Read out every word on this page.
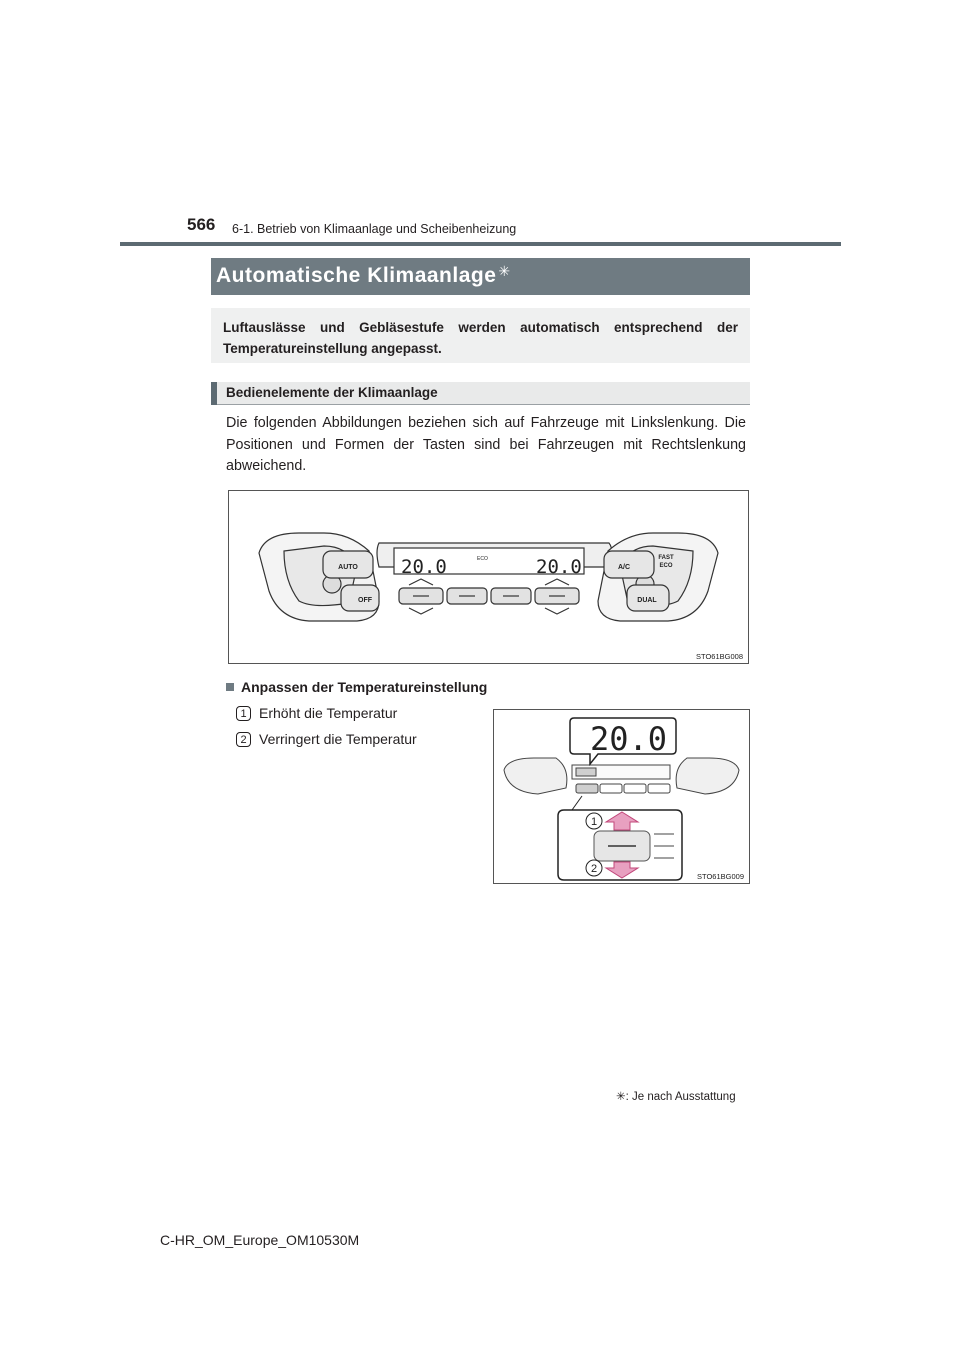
566 6-1. Betrieb von Klimaanlage und Scheibenheizung
Automatische Klimaanlage ✳
Luftauslässe und Gebläsestufe werden automatisch entsprechend der Temperatureinstellung angepasst.
Bedienelemente der Klimaanlage
Die folgenden Abbildungen beziehen sich auf Fahrzeuge mit Linkslenkung. Die Positionen und Formen der Tasten sind bei Fahrzeugen mit Rechtslenkung abweichend.
AUTO
OFF
A/C
FAST
ECO
DUAL
20.0	20.0
ECO
STO61BG008
Anpassen der Temperatureinstellung
1 Erhöht die Temperatur
2 Verringert die Temperatur
1
2
20.0
STO61BG009
✳: Je nach Ausstattung
C-HR_OM_Europe_OM10530M
